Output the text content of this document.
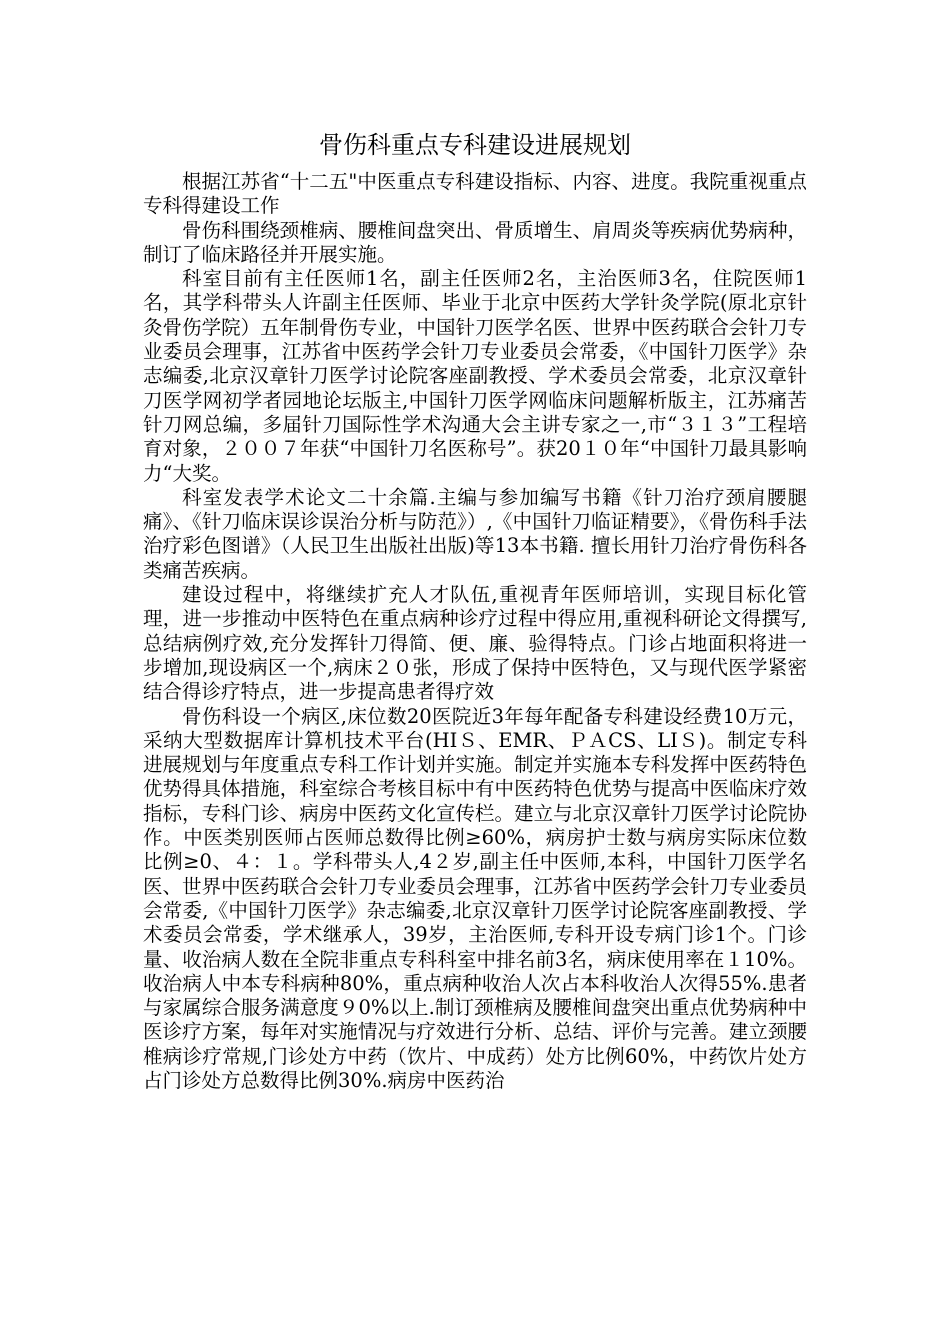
骨伤科重点专科建设进展规划

根据江苏省“十二五"中医重点专科建设指标、内容、进度。我院重视重点专科得建设工作

骨伤科围绕颈椎病、腰椎间盘突出、骨质增生、肩周炎等疾病优势病种，制订了临床路径并开展实施。

科室目前有主任医师1名，副主任医师2名，主治医师3名，住院医师1名，其学科带头人许副主任医师、毕业于北京中医药大学针灸学院(原北京针灸骨伤学院）五年制骨伤专业，中国针刀医学名医、世界中医药联合会针刀专业委员会理事，江苏省中医药学会针刀专业委员会常委，《中国针刀医学》杂志编委,北京汉章针刀医学讨论院客座副教授、学术委员会常委，北京汉章针刀医学网初学者园地论坛版主,中国针刀医学网临床问题解析版主，江苏痛苦针刀网总编，多届针刀国际性学术沟通大会主讲专家之一,市“３１３”工程培育对象，２００７年获“中国针刀名医称号”。获20１０年“中国针刀最具影响力“大奖。

科室发表学术论文二十余篇.主编与参加编写书籍《针刀治疗颈肩腰腿痛》、《针刀临床误诊误治分析与防范》）,《中国针刀临证精要》，《骨伤科手法治疗彩色图谱》（人民卫生出版社出版)等13本书籍. 擅长用针刀治疗骨伤科各类痛苦疾病。

建设过程中，将继续扩充人才队伍,重视青年医师培训，实现目标化管理，进一步推动中医特色在重点病种诊疗过程中得应用,重视科研论文得撰写,总结病例疗效,充分发挥针刀得简、便、廉、验得特点。门诊占地面积将进一步增加,现设病区一个,病床２０张，形成了保持中医特色，又与现代医学紧密结合得诊疗特点，进一步提高患者得疗效

骨伤科设一个病区,床位数20医院近3年每年配备专科建设经费10万元，采纳大型数据库计算机技术平台(HIＳ、EMR、ＰＡCS、LIＳ)。制定专科进展规划与年度重点专科工作计划并实施。制定并实施本专科发挥中医药特色优势得具体措施，科室综合考核目标中有中医药特色优势与提高中医临床疗效指标，专科门诊、病房中医药文化宣传栏。建立与北京汉章针刀医学讨论院协作。中医类别医师占医师总数得比例≥60%，病房护士数与病房实际床位数比例≥0、４：１。学科带头人,4２岁,副主任中医师,本科，中国针刀医学名医、世界中医药联合会针刀专业委员会理事，江苏省中医药学会针刀专业委员会常委,《中国针刀医学》杂志编委,北京汉章针刀医学讨论院客座副教授、学术委员会常委，学术继承人，39岁，主治医师,专科开设专病门诊1个。门诊量、收治病人数在全院非重点专科科室中排名前3名，病床使用率在１10%。收治病人中本专科病种80%，重点病种收治人次占本科收治人次得55%.患者与家属综合服务满意度９0%以上.制订颈椎病及腰椎间盘突出重点优势病种中医诊疗方案，每年对实施情况与疗效进行分析、总结、评价与完善。建立颈腰椎病诊疗常规,门诊处方中药（饮片、中成药）处方比例60%，中药饮片处方占门诊处方总数得比例30%.病房中医药治
